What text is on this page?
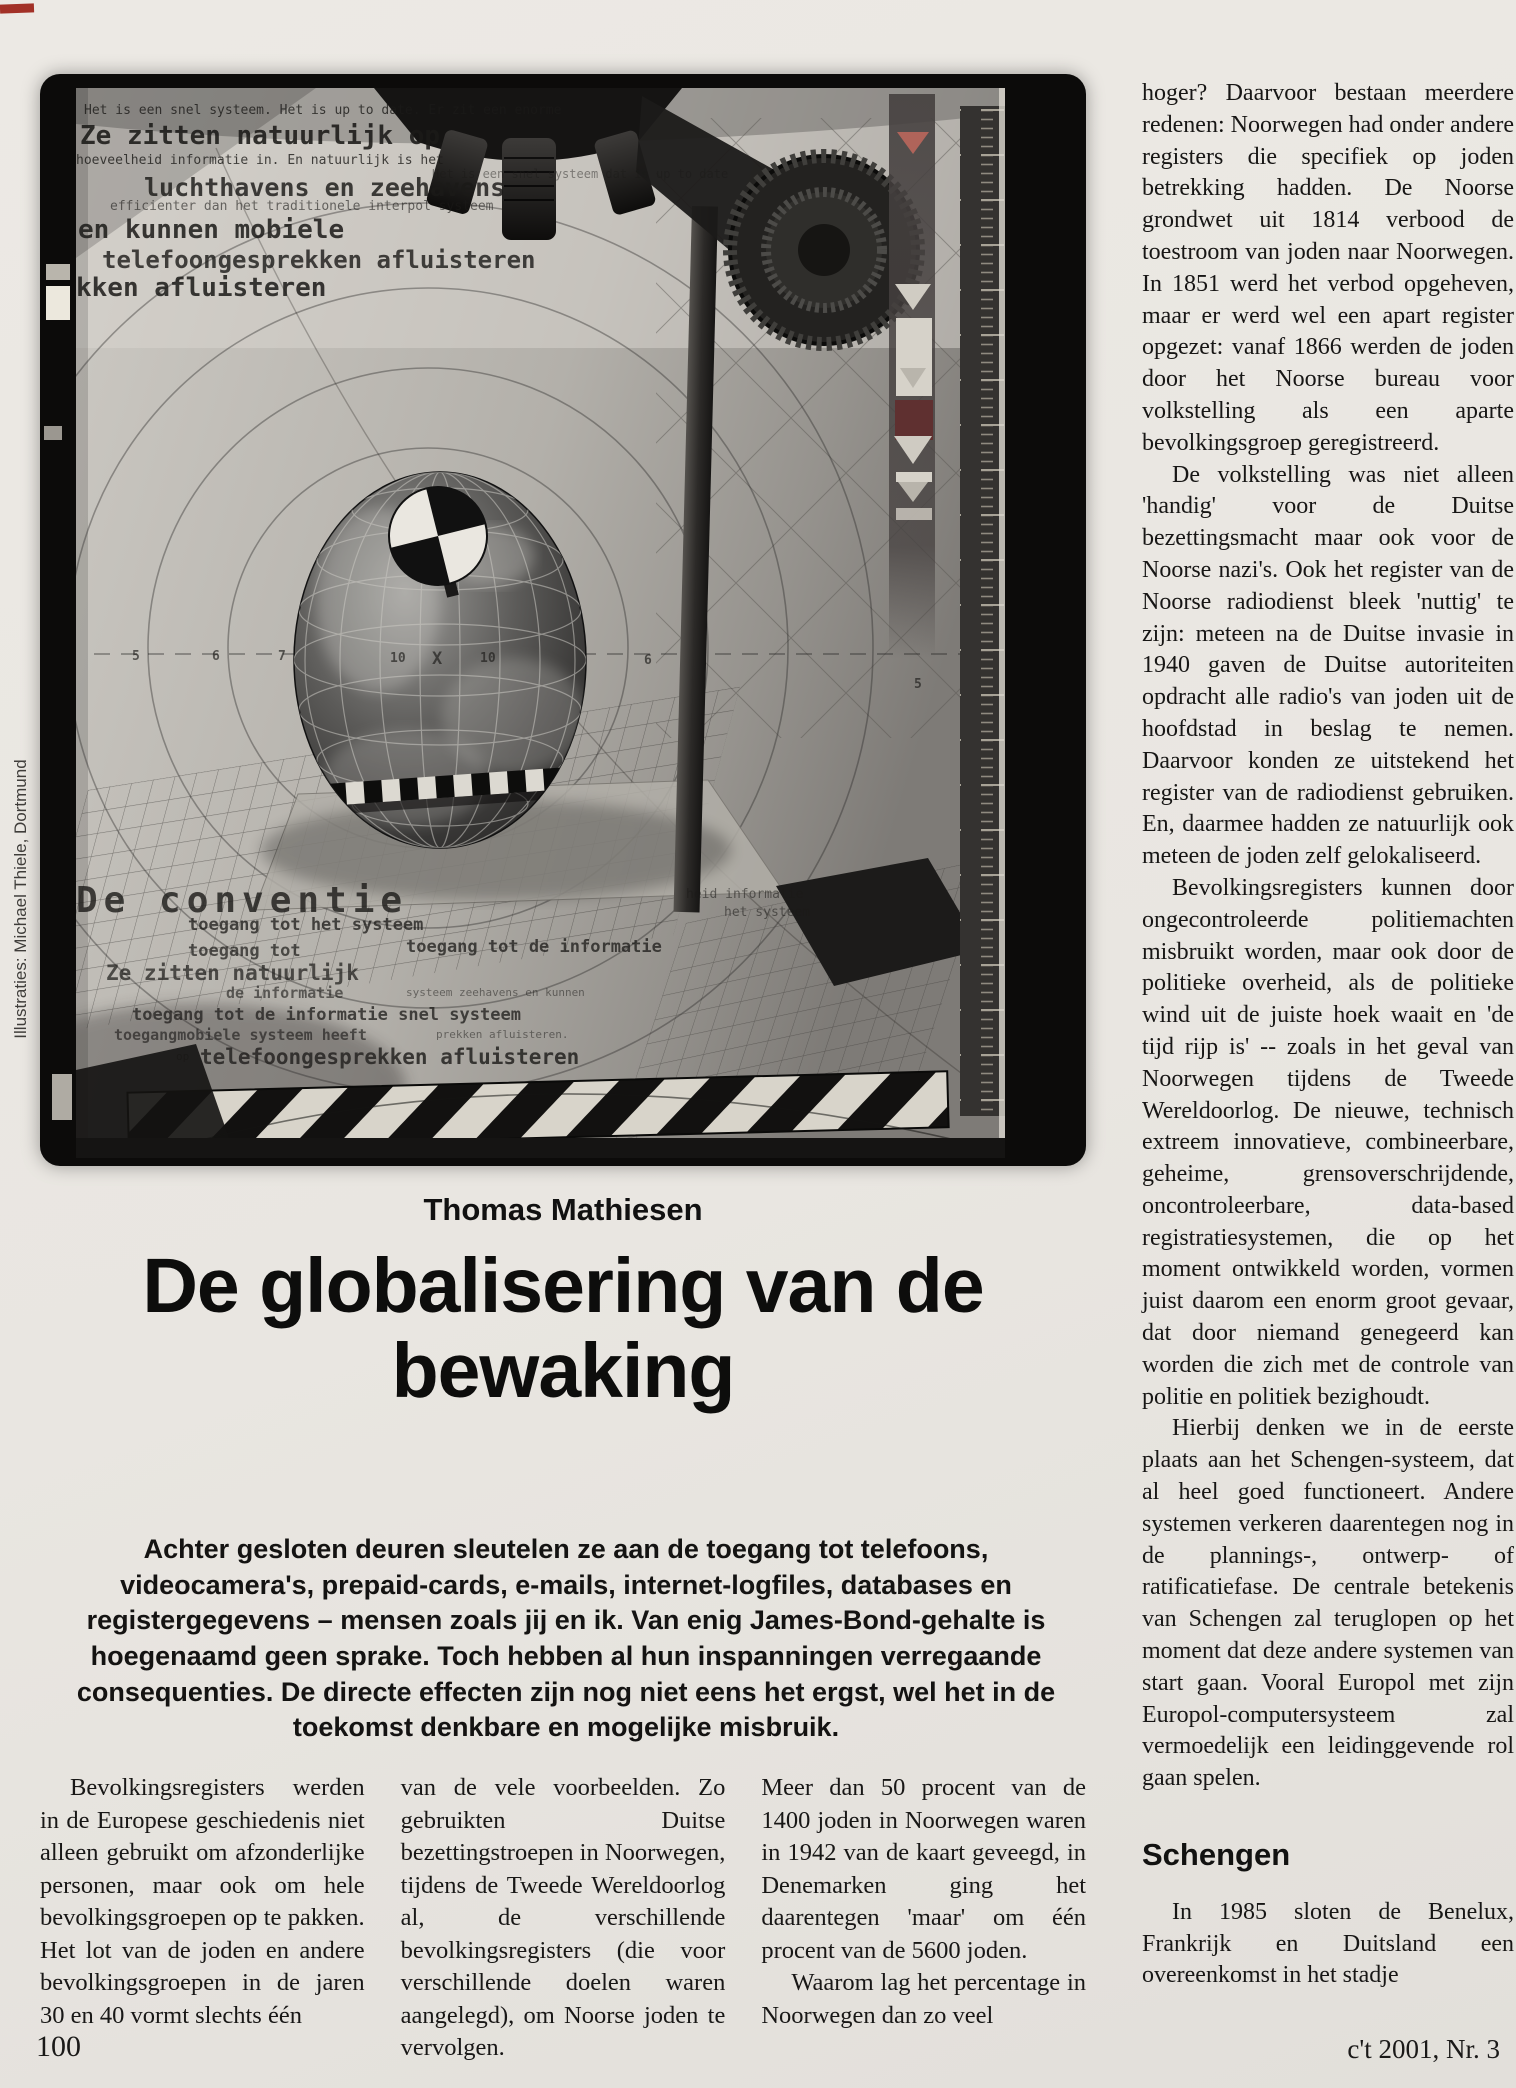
5	6	7	10 X	10	6
5
Het is een snel systeem. Het is up to date. Er zit een enorme
Ze zitten natuurlijk op
hoeveelheid informatie in. En natuurlijk is het
Het is een snel systeem dat is up to date
luchthavens en zeehavens
efficienter dan het traditionele interpol systeem
en kunnen mobiele
telefoongesprekken afluisteren
kken afluisteren
De conventie	heid informatie
het systeem
toegang tot het systeem
toegang tot	toegang tot de informatie
Ze zitten natuurlijk
de informatie	systeem zeehavens en kunnen
toegang tot de informatie snel systeem
toegangmobiele systeem heeft	prekken afluisteren.
telefoongesprekken afluisteren
Illustraties: Michael Thiele, Dortmund
Thomas Mathiesen
De globalisering van de
bewaking
Achter gesloten deuren sleutelen ze aan de toegang tot telefoons, videocamera's, prepaid-cards, e-mails, internet-logfiles, databases en registergegevens – mensen zoals jij en ik. Van enig James-Bond-gehalte is hoegenaamd geen sprake. Toch hebben al hun inspanningen verregaande consequenties. De directe effecten zijn nog niet eens het ergst, wel het in de toekomst denkbare en mogelijke misbruik.

Bevolkingsregisters werden in de Europese geschiedenis niet alleen gebruikt om afzonderlijke personen, maar ook om hele bevolkingsgroepen op te pakken. Het lot van de joden en andere bevolkingsgroepen in de jaren 30 en 40 vormt slechts één

van de vele voorbeelden. Zo gebruikten Duitse bezettingstroepen in Noorwegen, tijdens de Tweede Wereldoorlog al, de verschillende bevolkingsregisters (die voor verschillende doelen waren aangelegd), om Noorse joden te vervolgen.

Meer dan 50 procent van de 1400 joden in Noorwegen waren in 1942 van de kaart geveegd, in Denemarken ging het daarentegen 'maar' om één procent van de 5600 joden.

Waarom lag het percentage in Noorwegen dan zo veel

hoger? Daarvoor bestaan meerdere redenen: Noorwegen had onder andere registers die specifiek op joden betrekking hadden. De Noorse grondwet uit 1814 verbood de toestroom van joden naar Noorwegen. In 1851 werd het verbod opgeheven, maar er werd wel een apart register opgezet: vanaf 1866 werden de joden door het Noorse bureau voor volkstelling als een aparte bevolkingsgroep geregistreerd.

De volkstelling was niet alleen 'handig' voor de Duitse bezettingsmacht maar ook voor de Noorse nazi's. Ook het register van de Noorse radiodienst bleek 'nuttig' te zijn: meteen na de Duitse invasie in 1940 gaven de Duitse autoriteiten opdracht alle radio's van joden uit de hoofdstad in beslag te nemen. Daarvoor konden ze uitstekend het register van de radiodienst gebruiken. En, daarmee hadden ze natuurlijk ook meteen de joden zelf gelokaliseerd.

Bevolkingsregisters kunnen door ongecontroleerde politiemachten misbruikt worden, maar ook door de politieke overheid, als de politieke wind uit de juiste hoek waait en 'de tijd rijp is' -- zoals in het geval van Noorwegen tijdens de Tweede Wereldoorlog. De nieuwe, technisch extreem innovatieve, combineerbare, geheime, grensoverschrijdende, oncontroleerbare, data-based registratiesystemen, die op het moment ontwikkeld worden, vormen juist daarom een enorm groot gevaar, dat door niemand genegeerd kan worden die zich met de controle van politie en politiek bezighoudt.

Hierbij denken we in de eerste plaats aan het Schengen-systeem, dat al heel goed functioneert. Andere systemen verkeren daarentegen nog in de plannings-, ontwerp- of ratificatiefase. De centrale betekenis van Schengen zal teruglopen op het moment dat deze andere systemen van start gaan. Vooral Europol met zijn Europol-computersysteem zal vermoedelijk een leidinggevende rol gaan spelen.

Schengen

In 1985 sloten de Benelux, Frankrijk en Duitsland een overeenkomst in het stadje

100	c't 2001, Nr. 3
